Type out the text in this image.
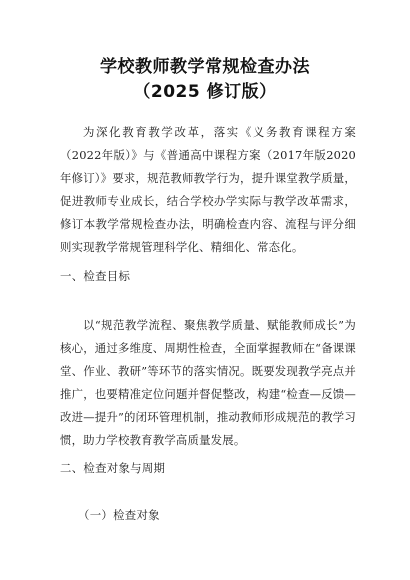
学校教师教学常规检查办法
（2025 修订版）

为深化教育教学改革，落实《义务教育课程方案（2022年版）》与《普通高中课程方案（2017年版2020年修订）》要求，规范教师教学行为，提升课堂教学质量，促进教师专业成长，结合学校办学实际与教学改革需求，修订本教学常规检查办法，明确检查内容、流程与评分细则实现教学常规管理科学化、精细化、常态化。

一、检查目标

以“规范教学流程、聚焦教学质量、赋能教师成长”为核心，通过多维度、周期性检查，全面掌握教师在“备课课堂、作业、教研”等环节的落实情况。既要发现教学亮点并推广，也要精准定位问题并督促整改，构建“检查—反馈—改进—提升”的闭环管理机制，推动教师形成规范的教学习惯，助力学校教育教学高质量发展。

二、检查对象与周期
（一）检查对象
